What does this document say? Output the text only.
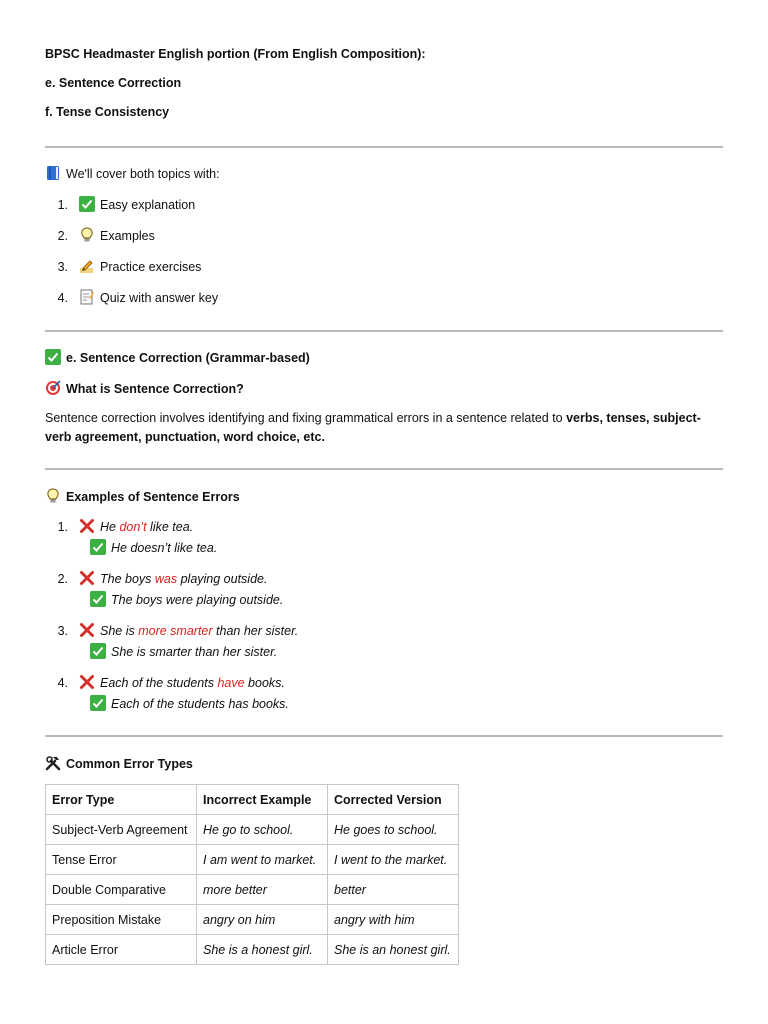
BPSC Headmaster English portion (From English Composition):
e. Sentence Correction
f. Tense Consistency
We'll cover both topics with:
1.	Easy explanation
2.	Examples
3.	Practice exercises
4.	Quiz with answer key
e. Sentence Correction (Grammar-based)
What is Sentence Correction?
Sentence correction involves identifying and fixing grammatical errors in a sentence related to verbs, tenses, subject-verb agreement, punctuation, word choice, etc.
Examples of Sentence Errors
1.	He don’t like tea.
He doesn’t like tea.
2.	The boys was playing outside.
The boys were playing outside.
3.	She is more smarter than her sister.
She is smarter than her sister.
4.	Each of the students have books.
Each of the students has books.
Common Error Types
Error Type	Incorrect Example	Corrected Version
Subject-Verb Agreement	He go to school.	He goes to school.
Tense Error	I am went to market.	I went to the market.
Double Comparative	more better	better
Preposition Mistake	angry on him	angry with him
Article Error	She is a honest girl.	She is an honest girl.
